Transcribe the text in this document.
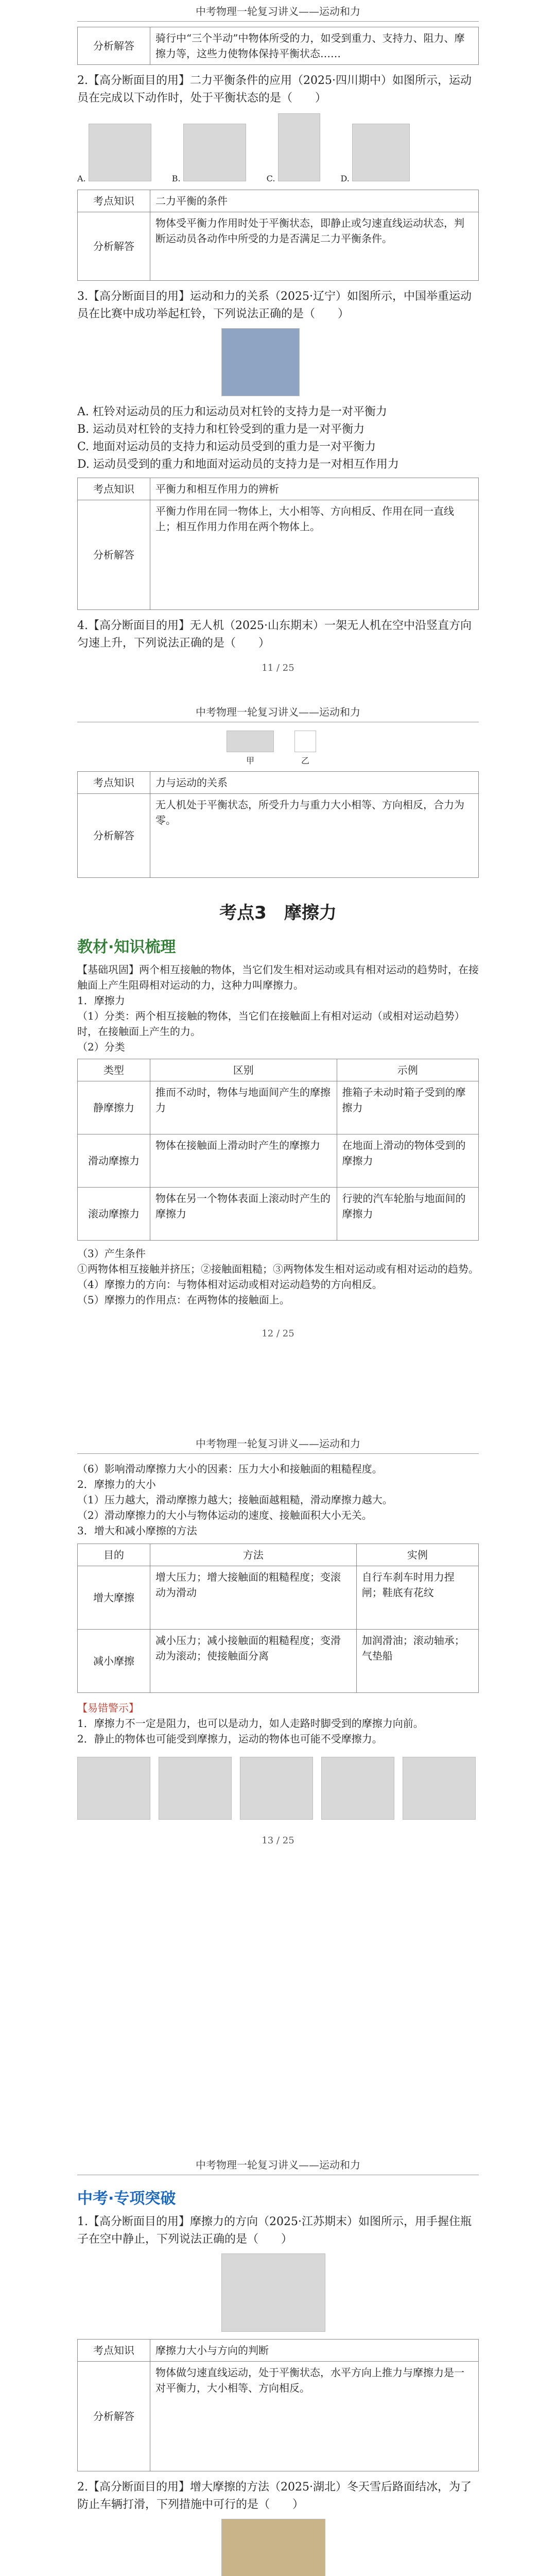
中考物理一轮复习讲义——运动和力
分析解答	骑行中“三个半动”中物体所受的力，如受到重力、支持力、阻力、摩擦力等，这些力使物体保持平衡状态……
2.【高分断面目的用】二力平衡条件的应用（2025·四川期中）如图所示，运动员在完成以下动作时，处于平衡状态的是（　　）
A.	B.	C.	D.
考点知识	二力平衡的条件
分析解答	物体受平衡力作用时处于平衡状态，即静止或匀速直线运动状态，判断运动员各动作中所受的力是否满足二力平衡条件。
3.【高分断面目的用】运动和力的关系（2025·辽宁）如图所示，中国举重运动员在比赛中成功举起杠铃，下列说法正确的是（　　）
A. 杠铃对运动员的压力和运动员对杠铃的支持力是一对平衡力
B. 运动员对杠铃的支持力和杠铃受到的重力是一对平衡力
C. 地面对运动员的支持力和运动员受到的重力是一对平衡力
D. 运动员受到的重力和地面对运动员的支持力是一对相互作用力
考点知识	平衡力和相互作用力的辨析
分析解答	平衡力作用在同一物体上，大小相等、方向相反、作用在同一直线上；相互作用力作用在两个物体上。
4.【高分断面目的用】无人机（2025·山东期末）一架无人机在空中沿竖直方向匀速上升，下列说法正确的是（　　）
11 / 25
中考物理一轮复习讲义——运动和力
甲	乙
考点知识	力与运动的关系
分析解答	无人机处于平衡状态，所受升力与重力大小相等、方向相反，合力为零。
考点3　摩擦力
教材·知识梳理
【基础巩固】两个相互接触的物体，当它们发生相对运动或具有相对运动的趋势时，在接触面上产生阻碍相对运动的力，这种力叫摩擦力。
1．摩擦力
（1）分类：两个相互接触的物体，当它们在接触面上有相对运动（或相对运动趋势）时，在接触面上产生的力。
（2）分类
类型	区别	示例
静摩擦力	推而不动时，物体与地面间产生的摩擦力	推箱子未动时箱子受到的摩擦力
滑动摩擦力	物体在接触面上滑动时产生的摩擦力	在地面上滑动的物体受到的摩擦力
滚动摩擦力	物体在另一个物体表面上滚动时产生的摩擦力	行驶的汽车轮胎与地面间的摩擦力
（3）产生条件
①两物体相互接触并挤压；②接触面粗糙；③两物体发生相对运动或有相对运动的趋势。
（4）摩擦力的方向：与物体相对运动或相对运动趋势的方向相反。
（5）摩擦力的作用点：在两物体的接触面上。
12 / 25
中考物理一轮复习讲义——运动和力
（6）影响滑动摩擦力大小的因素：压力大小和接触面的粗糙程度。
2．摩擦力的大小
（1）压力越大，滑动摩擦力越大；接触面越粗糙，滑动摩擦力越大。
（2）滑动摩擦力的大小与物体运动的速度、接触面积大小无关。
3．增大和减小摩擦的方法
目的	方法	实例
增大摩擦	增大压力；增大接触面的粗糙程度；变滚动为滑动	自行车刹车时用力捏闸；鞋底有花纹
减小摩擦	减小压力；减小接触面的粗糙程度；变滑动为滚动；使接触面分离	加润滑油；滚动轴承；气垫船
【易错警示】
1．摩擦力不一定是阻力，也可以是动力，如人走路时脚受到的摩擦力向前。
2．静止的物体也可能受到摩擦力，运动的物体也可能不受摩擦力。
13 / 25
中考物理一轮复习讲义——运动和力
中考·专项突破
1.【高分断面目的用】摩擦力的方向（2025·江苏期末）如图所示，用手握住瓶子在空中静止，下列说法正确的是（　　）
考点知识	摩擦力大小与方向的判断
分析解答	物体做匀速直线运动，处于平衡状态，水平方向上推力与摩擦力是一对平衡力，大小相等、方向相反。
2.【高分断面目的用】增大摩擦的方法（2025·湖北）冬天雪后路面结冰，为了防止车辆打滑，下列措施中可行的是（　　）
